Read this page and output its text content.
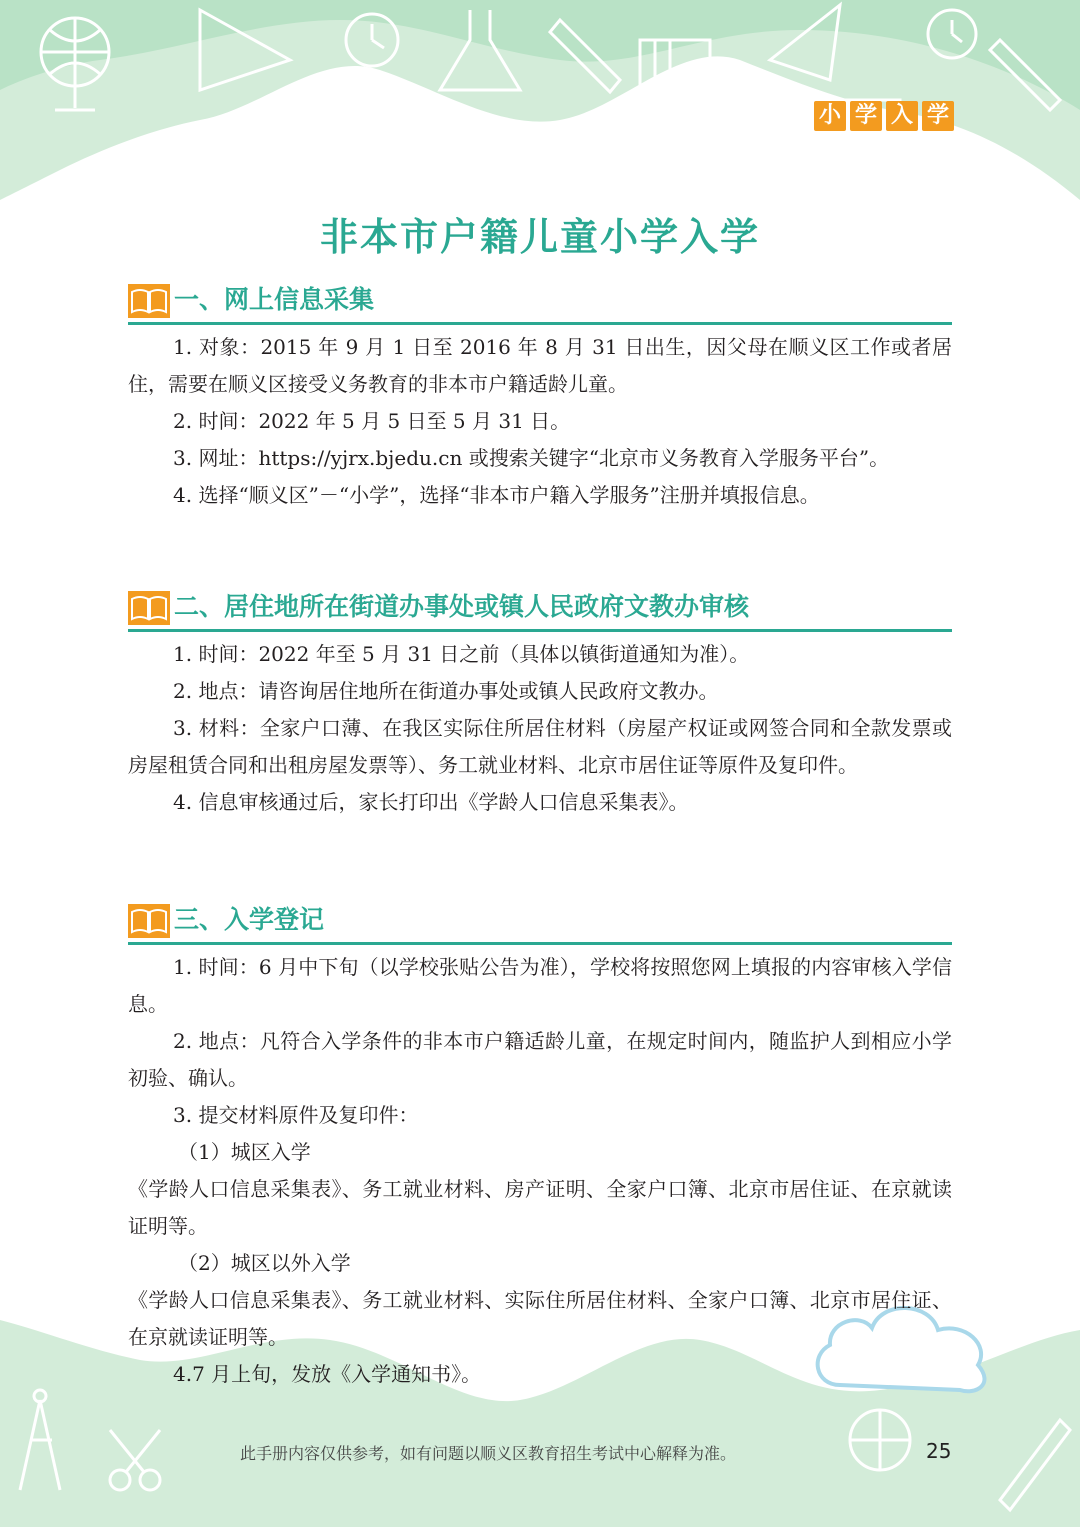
小 学 入 学
非本市户籍儿童小学入学
一、网上信息采集

1. 对象：2015 年 9 月 1 日至 2016 年 8 月 31 日出生，因父母在顺义区工作或者居住，需要在顺义区接受义务教育的非本市户籍适龄儿童。

2. 时间：2022 年 5 月 5 日至 5 月 31 日。

3. 网址：https://yjrx.bjedu.cn 或搜索关键字“北京市义务教育入学服务平台”。

4. 选择“顺义区”－“小学”，选择“非本市户籍入学服务”注册并填报信息。

二、居住地所在街道办事处或镇人民政府文教办审核

1. 时间：2022 年至 5 月 31 日之前（具体以镇街道通知为准）。

2. 地点：请咨询居住地所在街道办事处或镇人民政府文教办。

3. 材料：全家户口薄、在我区实际住所居住材料（房屋产权证或网签合同和全款发票或房屋租赁合同和出租房屋发票等）、务工就业材料、北京市居住证等原件及复印件。

4. 信息审核通过后，家长打印出《学龄人口信息采集表》。

三、入学登记

1. 时间：6 月中下旬（以学校张贴公告为准），学校将按照您网上填报的内容审核入学信息。

2. 地点：凡符合入学条件的非本市户籍适龄儿童，在规定时间内，随监护人到相应小学初验、确认。

3. 提交材料原件及复印件：

（1）城区入学

《学龄人口信息采集表》、务工就业材料、房产证明、全家户口簿、北京市居住证、在京就读证明等。

（2）城区以外入学

《学龄人口信息采集表》、务工就业材料、实际住所居住材料、全家户口簿、北京市居住证、在京就读证明等。

4.7 月上旬，发放《入学通知书》。

此手册内容仅供参考，如有问题以顺义区教育招生考试中心解释为准。	25
